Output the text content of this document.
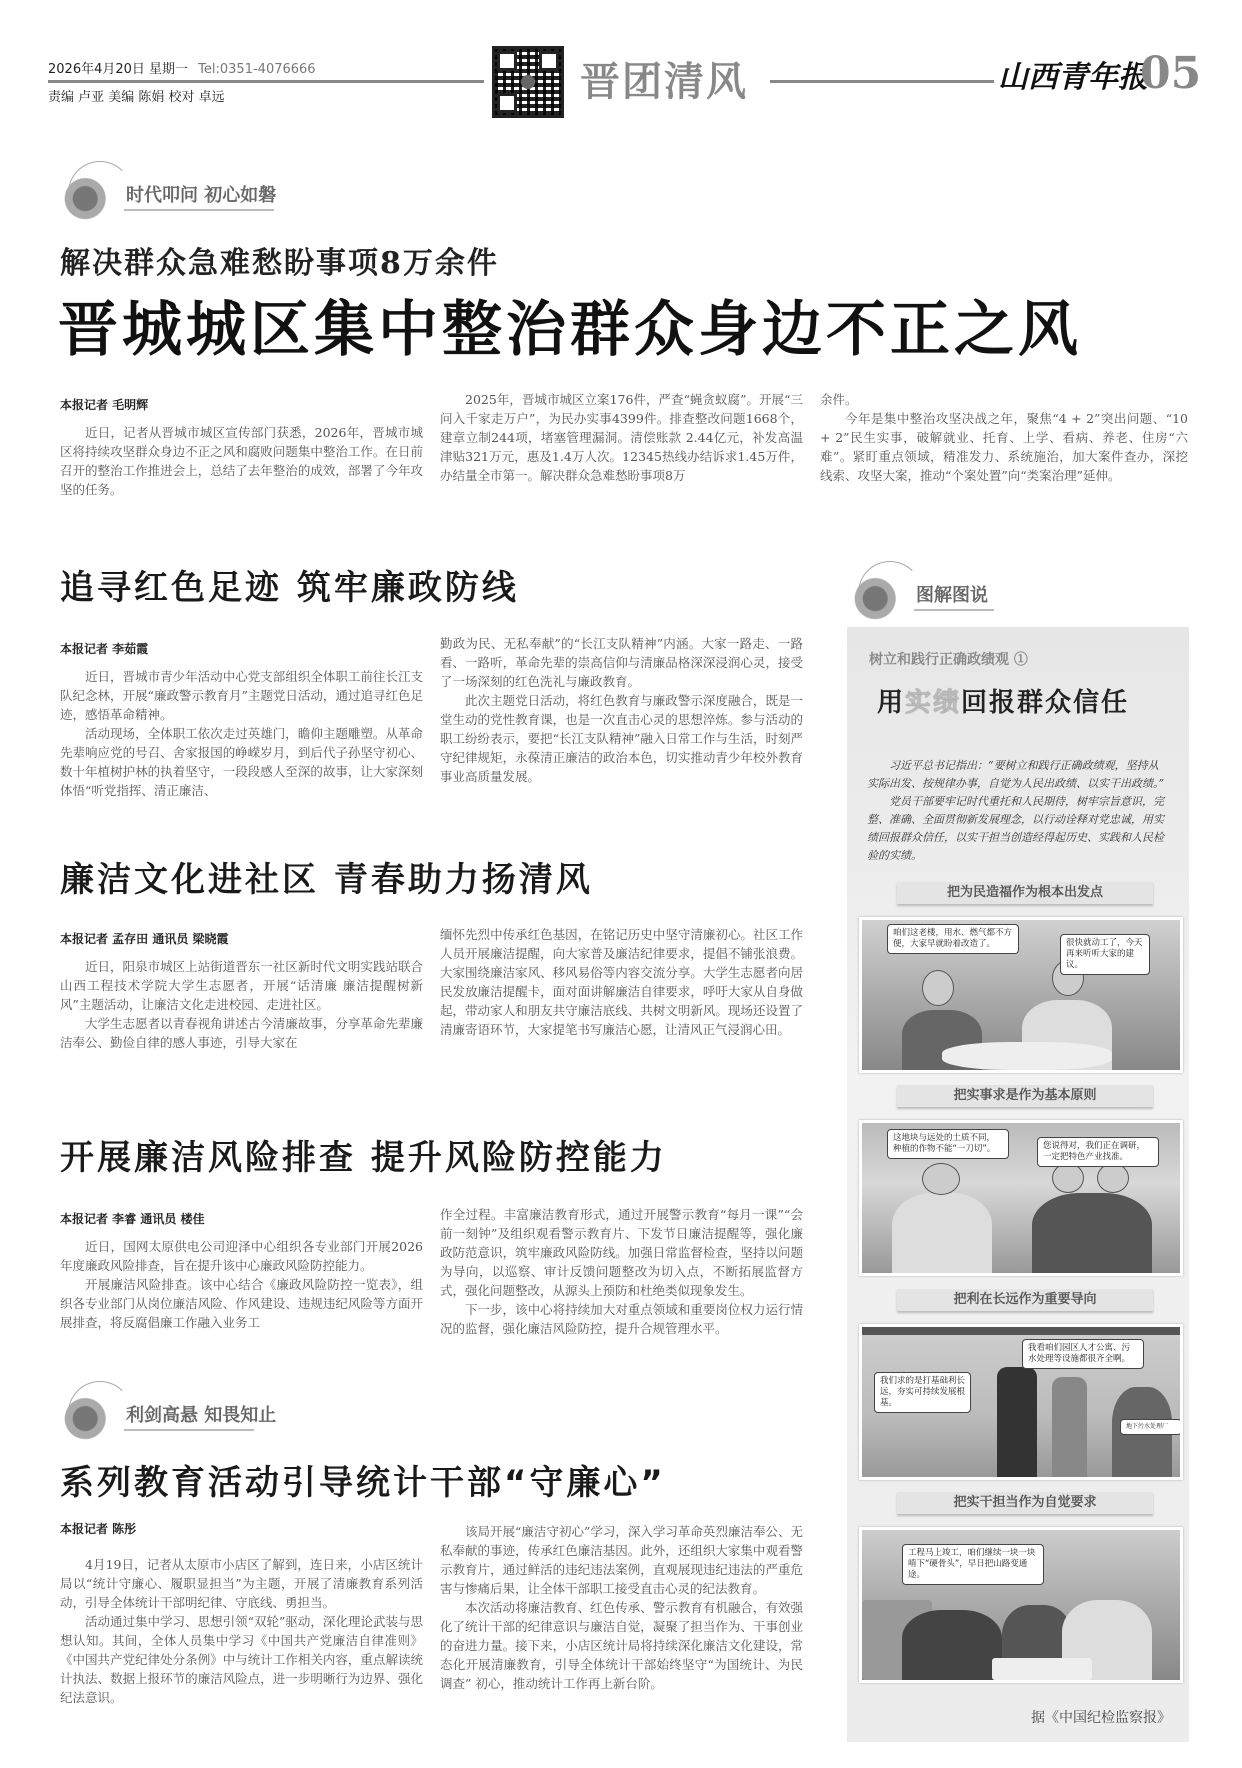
2026年4月20日 星期一 Tel:0351-4076666
责编 卢亚 美编 陈娟 校对 卓远	晋团清风	山西青年报
05
时代叩问 初心如磐
解决群众急难愁盼事项8万余件
晋城城区集中整治群众身边不正之风
本报记者 毛明辉

近日，记者从晋城市城区宣传部门获悉，2026年，晋城市城区将持续攻坚群众身边不正之风和腐败问题集中整治工作。在日前召开的整治工作推进会上，总结了去年整治的成效，部署了今年攻坚的任务。

2025年，晋城市城区立案176件，严查“蝇贪蚁腐”。开展“三问入千家走万户”，为民办实事4399件。排查整改问题1668个，建章立制244项，堵塞管理漏洞。清偿账款 2.44亿元，补发高温津贴321万元，惠及1.4万人次。12345热线办结诉求1.45万件，办结量全市第一。解决群众急难愁盼事项8万

余件。

今年是集中整治攻坚决战之年，聚焦“4 + 2”突出问题、“10 + 2”民生实事，破解就业、托育、上学、看病、养老、住房“六难”。紧盯重点领域，精准发力、系统施治，加大案件查办，深挖线索、攻坚大案，推动“个案处置”向“类案治理”延伸。

追寻红色足迹 筑牢廉政防线
本报记者 李茹霞

近日，晋城市青少年活动中心党支部组织全体职工前往长江支队纪念林，开展“廉政警示教育月”主题党日活动，通过追寻红色足迹，感悟革命精神。

活动现场，全体职工依次走过英雄门，瞻仰主题雕塑。从革命先辈响应党的号召、舍家报国的峥嵘岁月，到后代子孙坚守初心、数十年植树护林的执着坚守，一段段感人至深的故事，让大家深刻体悟“听党指挥、清正廉洁、

勤政为民、无私奉献”的“长江支队精神”内涵。大家一路走、一路看、一路听，革命先辈的崇高信仰与清廉品格深深浸润心灵，接受了一场深刻的红色洗礼与廉政教育。

此次主题党日活动，将红色教育与廉政警示深度融合，既是一堂生动的党性教育课，也是一次直击心灵的思想淬炼。参与活动的职工纷纷表示，要把“长江支队精神”融入日常工作与生活，时刻严守纪律规矩，永葆清正廉洁的政治本色，切实推动青少年校外教育事业高质量发展。

廉洁文化进社区 青春助力扬清风
本报记者 孟存田 通讯员 梁晓霞

近日，阳泉市城区上站街道晋东一社区新时代文明实践站联合山西工程技术学院大学生志愿者，开展“话清廉 廉洁提醒树新风”主题活动，让廉洁文化走进校园、走进社区。

大学生志愿者以青春视角讲述古今清廉故事，分享革命先辈廉洁奉公、勤俭自律的感人事迹，引导大家在

缅怀先烈中传承红色基因，在铭记历史中坚守清廉初心。社区工作人员开展廉洁提醒，向大家普及廉洁纪律要求，提倡不铺张浪费。大家围绕廉洁家风、移风易俗等内容交流分享。大学生志愿者向居民发放廉洁提醒卡，面对面讲解廉洁自律要求，呼吁大家从自身做起，带动家人和朋友共守廉洁底线、共树文明新风。现场还设置了清廉寄语环节，大家提笔书写廉洁心愿，让清风正气浸润心田。

开展廉洁风险排查 提升风险防控能力
本报记者 李睿 通讯员 楼佳

近日，国网太原供电公司迎泽中心组织各专业部门开展2026年度廉政风险排查，旨在提升该中心廉政风险防控能力。

开展廉洁风险排查。该中心结合《廉政风险防控一览表》，组织各专业部门从岗位廉洁风险、作风建设、违规违纪风险等方面开展排查，将反腐倡廉工作融入业务工

作全过程。丰富廉洁教育形式，通过开展警示教育“每月一课”“会前一刻钟”及组织观看警示教育片、下发节日廉洁提醒等，强化廉政防范意识，筑牢廉政风险防线。加强日常监督检查，坚持以问题为导向，以巡察、审计反馈问题整改为切入点，不断拓展监督方式，强化问题整改，从源头上预防和杜绝类似现象发生。

下一步，该中心将持续加大对重点领域和重要岗位权力运行情况的监督，强化廉洁风险防控，提升合规管理水平。

利剑高悬 知畏知止
系列教育活动引导统计干部“守廉心”
本报记者 陈彤

4月19日，记者从太原市小店区了解到，连日来，小店区统计局以“统计守廉心、履职显担当”为主题，开展了清廉教育系列活动，引导全体统计干部明纪律、守底线、勇担当。

活动通过集中学习、思想引领“双轮”驱动，深化理论武装与思想认知。其间，全体人员集中学习《中国共产党廉洁自律准则》《中国共产党纪律处分条例》中与统计工作相关内容，重点解读统计执法、数据上报环节的廉洁风险点，进一步明晰行为边界、强化纪法意识。

该局开展“廉洁守初心”学习，深入学习革命英烈廉洁奉公、无私奉献的事迹，传承红色廉洁基因。此外，还组织大家集中观看警示教育片，通过鲜活的违纪违法案例，直观展现违纪违法的严重危害与惨痛后果，让全体干部职工接受直击心灵的纪法教育。

本次活动将廉洁教育、红色传承、警示教育有机融合，有效强化了统计干部的纪律意识与廉洁自觉，凝聚了担当作为、干事创业的奋进力量。接下来，小店区统计局将持续深化廉洁文化建设，常态化开展清廉教育，引导全体统计干部始终坚守“为国统计、为民调查” 初心，推动统计工作再上新台阶。

图解图说
树立和践行正确政绩观 ①
用实绩回报群众信任

习近平总书记指出：“要树立和践行正确政绩观，坚持从实际出发、按规律办事，自觉为人民出政绩、以实干出政绩。”

党员干部要牢记时代重托和人民期待，树牢宗旨意识，完整、准确、全面贯彻新发展理念，以行动诠释对党忠诚，用实绩回报群众信任，以实干担当创造经得起历史、实践和人民检验的实绩。

把为民造福作为根本出发点
咱们这老楼，用水、燃气都不方便，大家早就盼着改造了。	很快就动工了，今天再来听听大家的建议。
把实事求是作为基本原则
这地块与远处的土质不同，种植的作物不能“一刀切”。	您说得对，我们正在调研，一定把特色产业找准。
把利在长远作为重要导向
我们求的是打基础利长远，夯实可持续发展根基。
我看咱们园区人才公寓、污水处理等设施都很齐全啊。
地下污水处理厂
把实干担当作为自觉要求
工程马上竣工，咱们继续一块一块啃下“硬骨头”，早日把山路变通途。
据《中国纪检监察报》
